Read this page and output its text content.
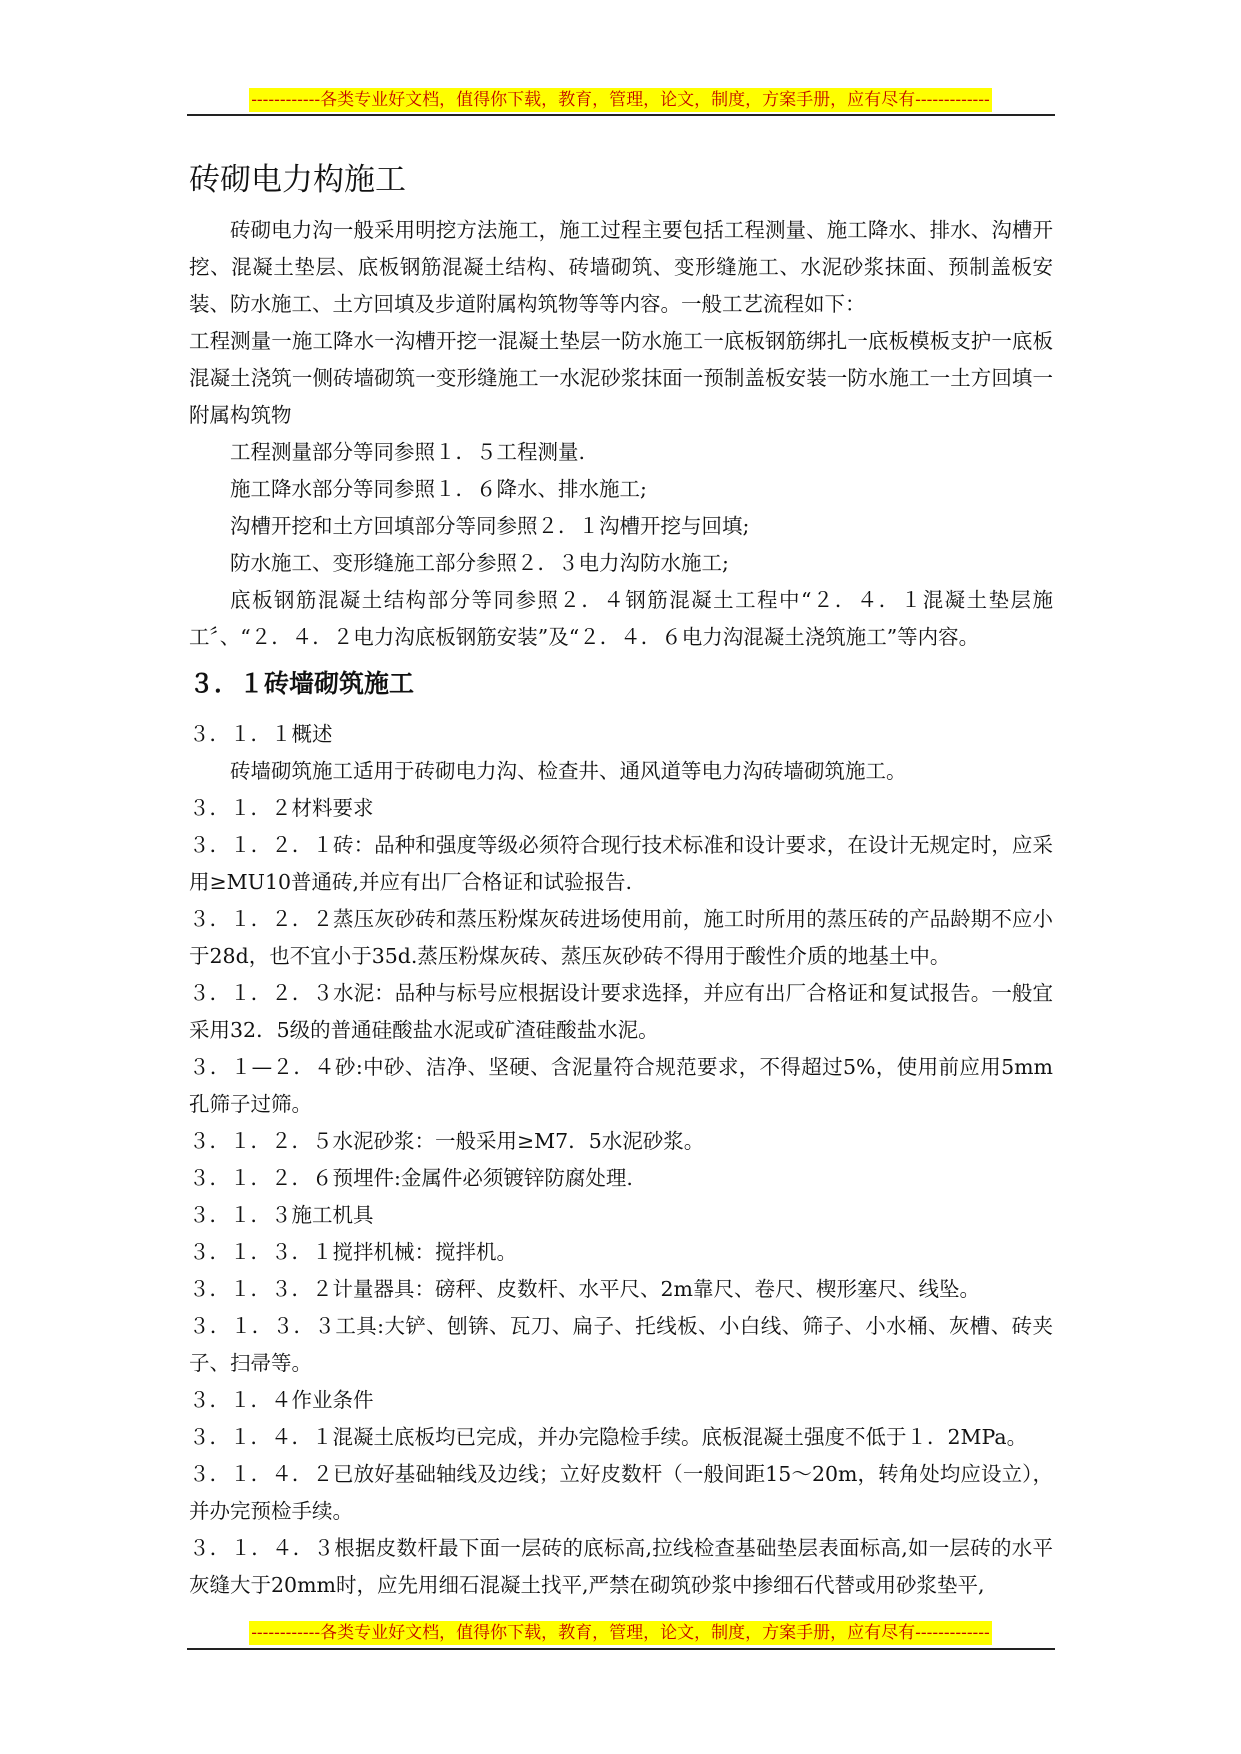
------------各类专业好文档，值得你下载，教育，管理，论文，制度，方案手册，应有尽有-------------
砖砌电力构施工

砖砌电力沟一般采用明挖方法施工，施工过程主要包括工程测量、施工降水、排水、沟槽开挖、混凝土垫层、底板钢筋混凝土结构、砖墙砌筑、变形缝施工、水泥砂浆抹面、预制盖板安装、防水施工、土方回填及步道附属构筑物等等内容。一般工艺流程如下：

工程测量一施工降水一沟槽开挖一混凝土垫层一防水施工一底板钢筋绑扎一底板模板支护一底板混凝土浇筑一侧砖墙砌筑一变形缝施工一水泥砂浆抹面一预制盖板安装一防水施工一土方回填一附属构筑物

工程测量部分等同参照１．５工程测量.

施工降水部分等同参照１．６降水、排水施工;

沟槽开挖和土方回填部分等同参照２．１沟槽开挖与回填;

防水施工、变形缝施工部分参照２．３电力沟防水施工;

底板钢筋混凝土结构部分等同参照２．４钢筋混凝土工程中“２．４．１混凝土垫层施工〞、“２．４．２电力沟底板钢筋安装”及“２．４．６电力沟混凝土浇筑施工”等内容。

３．１砖墙砌筑施工

３．１．１概述

砖墙砌筑施工适用于砖砌电力沟、检查井、通风道等电力沟砖墙砌筑施工。

３．１．２材料要求

３．１．２．１砖：品种和强度等级必须符合现行技术标准和设计要求，在设计无规定时，应采用≥MU10普通砖,并应有出厂合格证和试验报告.

３．１．２．２蒸压灰砂砖和蒸压粉煤灰砖进场使用前，施工时所用的蒸压砖的产品龄期不应小于28d，也不宜小于35d.蒸压粉煤灰砖、蒸压灰砂砖不得用于酸性介质的地基土中。

３．１．２．３水泥：品种与标号应根据设计要求选择，并应有出厂合格证和复试报告。一般宜采用32．5级的普通硅酸盐水泥或矿渣硅酸盐水泥。

３．１—２．４砂:中砂、洁净、坚硬、含泥量符合规范要求，不得超过5%，使用前应用5mm孔筛子过筛。

３．１．２．５水泥砂浆：一般采用≥M7．5水泥砂浆。

３．１．２．６预埋件:金属件必须镀锌防腐处理.

３．１．３施工机具

３．１．３．１搅拌机械：搅拌机。

３．１．３．２计量器具：磅秤、皮数杆、水平尺、2m靠尺、卷尺、楔形塞尺、线坠。

３．１．３．３工具:大铲、刨锛、瓦刀、扁子、托线板、小白线、筛子、小水桶、灰槽、砖夹子、扫帚等。

３．１．４作业条件

３．１．４．１混凝土底板均已完成，并办完隐检手续。底板混凝土强度不低于１．2MPa。

３．１．４．２已放好基础轴线及边线；立好皮数杆（一般间距15～20m，转角处均应设立），并办完预检手续。

３．１．４．３根据皮数杆最下面一层砖的底标高,拉线检查基础垫层表面标高,如一层砖的水平灰缝大于20mm时，应先用细石混凝土找平,严禁在砌筑砂浆中掺细石代替或用砂浆垫平,

------------各类专业好文档，值得你下载，教育，管理，论文，制度，方案手册，应有尽有-------------
